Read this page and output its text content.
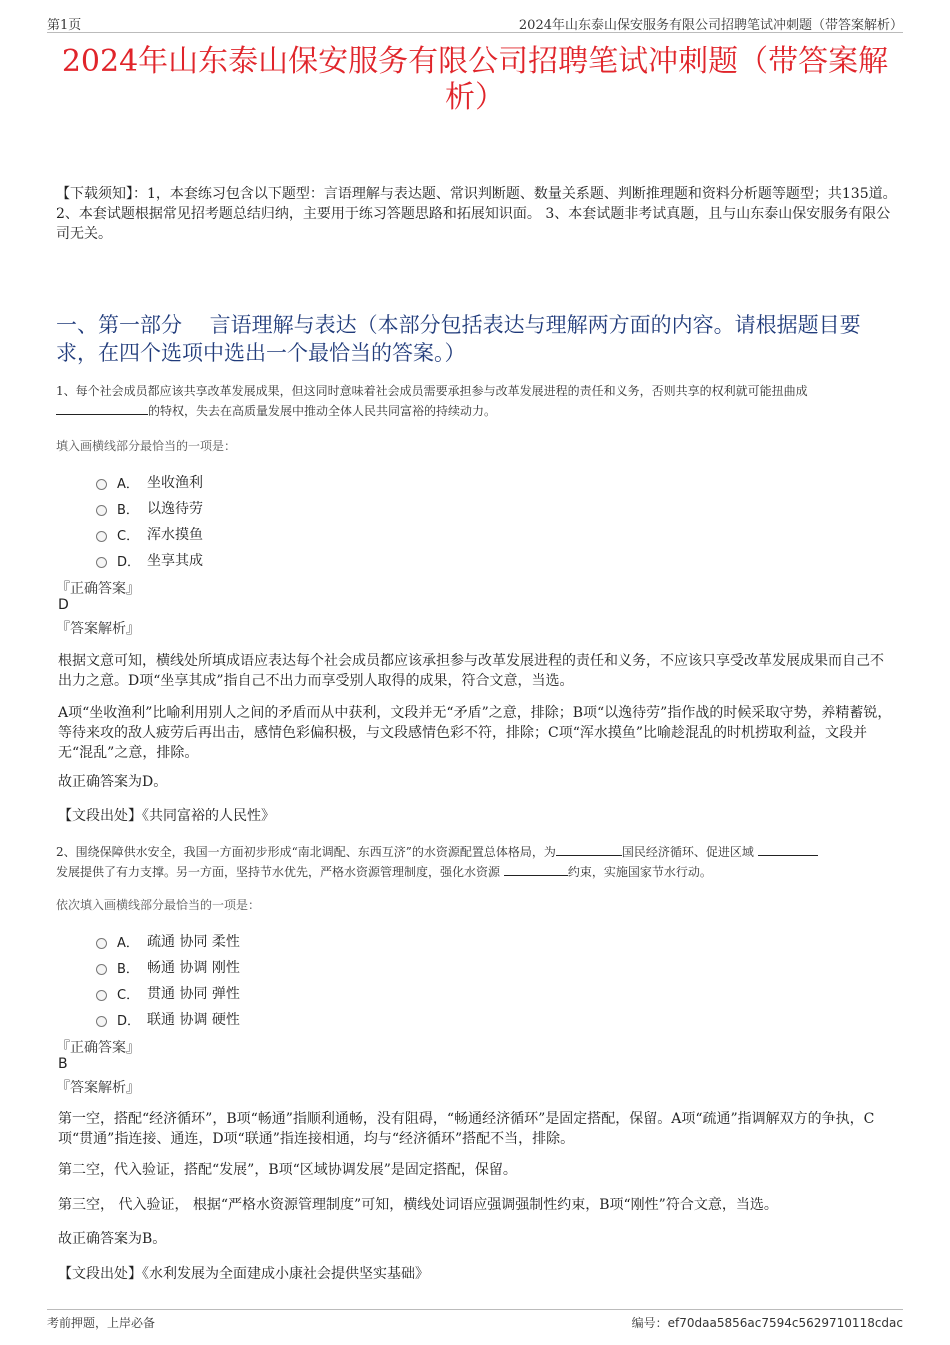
第1页	2024年山东泰山保安服务有限公司招聘笔试冲刺题（带答案解析）
2024年山东泰山保安服务有限公司招聘笔试冲刺题（带答案解析）
【下载须知】：1，本套练习包含以下题型：言语理解与表达题、常识判断题、数量关系题、判断推理题和资料分析题等题型；共135道。 2、本套试题根据常见招考题总结归纳，主要用于练习答题思路和拓展知识面。 3、本套试题非考试真题，且与山东泰山保安服务有限公司无关。
一、第一部分　 言语理解与表达（本部分包括表达与理解两方面的内容。请根据题目要求，在四个选项中选出一个最恰当的答案。）
1、每个社会成员都应该共享改革发展成果，但这同时意味着社会成员需要承担参与改革发展进程的责任和义务，否则共享的权利就可能扭曲成
的特权，失去在高质量发展中推动全体人民共同富裕的持续动力。
填入画横线部分最恰当的一项是：
A． 坐收渔利
B． 以逸待劳
C． 浑水摸鱼
D． 坐享其成
『正确答案』
D
『答案解析』
根据文意可知，横线处所填成语应表达每个社会成员都应该承担参与改革发展进程的责任和义务，不应该只享受改革发展成果而自己不出力之意。D项“坐享其成”指自己不出力而享受别人取得的成果，符合文意，当选。
A项“坐收渔利”比喻利用别人之间的矛盾而从中获利，文段并无“矛盾”之意，排除；B项“以逸待劳”指作战的时候采取守势，养精蓄锐，等待来攻的敌人疲劳后再出击，感情色彩偏积极，与文段感情色彩不符，排除；C项“浑水摸鱼”比喻趁混乱的时机捞取利益，文段并无“混乱”之意，排除。
故正确答案为D。
【文段出处】《共同富裕的人民性》
2、围绕保障供水安全，我国一方面初步形成“南北调配、东西互济”的水资源配置总体格局，为	国民经济循环、促进区域
发展提供了有力支撑。另一方面，坚持节水优先，严格水资源管理制度，强化水资源	约束，实施国家节水行动。
依次填入画横线部分最恰当的一项是：
A． 疏通 协同 柔性
B． 畅通 协调 刚性
C． 贯通 协同 弹性
D． 联通 协调 硬性
『正确答案』
B
『答案解析』
第一空，搭配“经济循环”，B项“畅通”指顺利通畅，没有阻碍，“畅通经济循环”是固定搭配，保留。A项“疏通”指调解双方的争执，C项“贯通”指连接、通连，D项“联通”指连接相通，均与“经济循环”搭配不当，排除。
第二空，代入验证，搭配“发展”，B项“区域协调发展”是固定搭配，保留。
第三空， 代入验证， 根据“严格水资源管理制度”可知，横线处词语应强调强制性约束，B项“刚性”符合文意，当选。
故正确答案为B。
【文段出处】《水利发展为全面建成小康社会提供坚实基础》
考前押题，上岸必备	编号：ef70daa5856ac7594c5629710118cdac
